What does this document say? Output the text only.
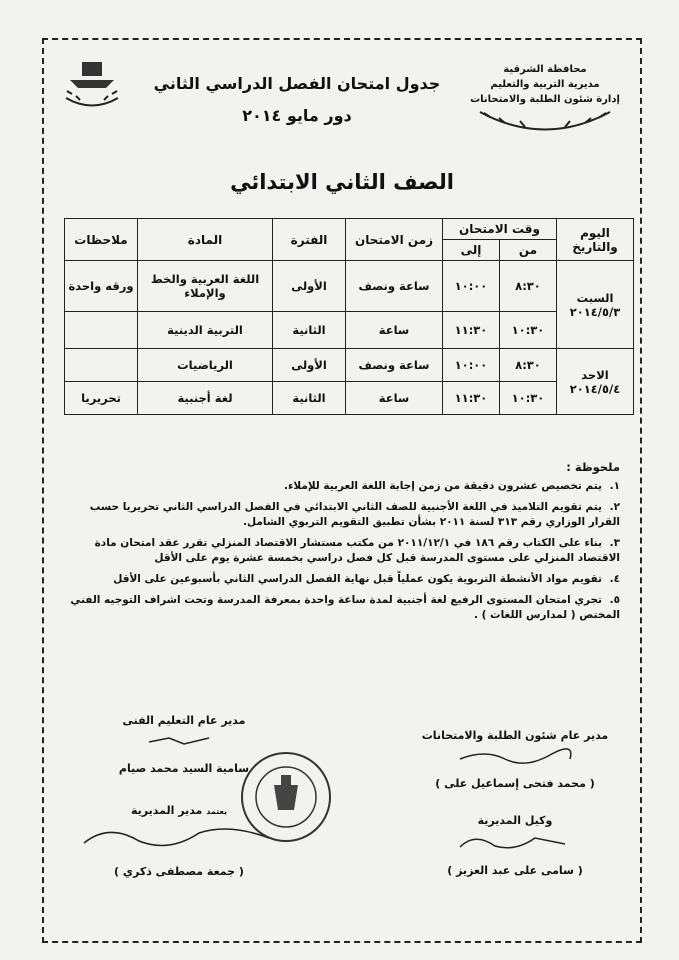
محافظة الشرقية
مديرية التربية والتعليم
إدارة شئون الطلبة والامتحانات
جدول امتحان الفصل الدراسي الثاني
دور مايو ٢٠١٤
الصف الثاني الابتدائي
اليوم والتاريخ	وقت الامتحان		زمن الامتحان	الفترة	المادة	ملاحظات
	من	إلى				

السبت
٢٠١٤/٥/٣	٨:٣٠	١٠:٠٠	ساعة ونصف	الأولى	اللغة العربية والخط والإملاء	ورقه واحدة
	١٠:٣٠	١١:٣٠	ساعة	الثانية	التربية الدينية	

الاحد
٢٠١٤/٥/٤	٨:٣٠	١٠:٠٠	ساعة ونصف	الأولى	الرياضيات	
	١٠:٣٠	١١:٣٠	ساعة	الثانية	لغة أجنبية	تحريريا
ملحوظة :
١.يتم تخصيص عشرون دقيقة من زمن إجابة اللغة العربية للإملاء.
٢.يتم تقويم التلاميذ في اللغة الأجنبية للصف الثاني الابتدائي في الفصل الدراسي الثاني تحريريا حسب القرار الوزاري رقم ٣١٣ لسنة ٢٠١١ بشأن تطبيق التقويم التربوي الشامل.
٣.بناء على الكتاب رقم ١٨٦ في ٢٠١١/١٢/١ من مكتب مستشار الاقتصاد المنزلي تقرر عقد امتحان مادة الاقتصاد المنزلي على مستوى المدرسة قبل كل فصل دراسي بخمسة عشرة يوم على الأقل
٤.تقويم مواد الأنشطة التربوية يكون عملياً قبل نهاية الفصل الدراسي الثاني بأسبوعين على الأقل
٥.تجري امتحان المستوى الرفيع لغة أجنبية لمدة ساعة واحدة بمعرفة المدرسة وتحت اشراف التوجيه الفني المختص ( لمدارس اللغات ) .
مدير عام شئون الطلبة والامتحانات
( محمد فتحى إسماعيل على )
مدير عام التعليم الفنى
سامية السيد محمد صيام
وكيل المديرية
( سامى على عبد العزيز )
يعتمد مدير المديرية
( جمعة مصطفى ذكري )
